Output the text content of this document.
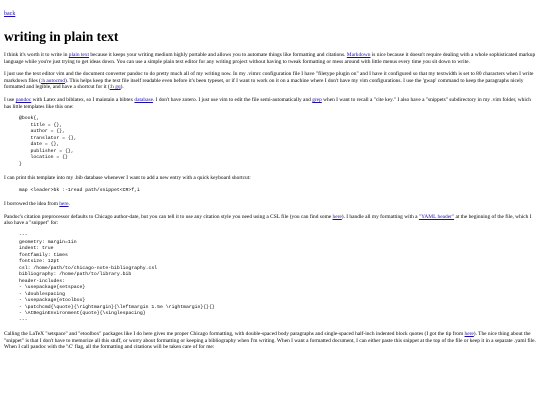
back
writing in plain text

I think it's worth it to write in plain text because it keeps your writing medium highly portable and allows you to automate things like formatting and citations. Markdown is nice because it doesn't require dealing with a whole sophisticated markup language while you're just trying to get ideas down. You can use a simple plain text editor for any writing project without having to tweak formatting or mess around with little menus every time you sit down to write.

I just use the text editor vim and the document converter pandoc to do pretty much all of my writing now. In my .vimrc configuration file I have "filetype plugin on" and I have it configured so that my textwidth is set to 80 characters when I write markdown files (:h autocmd). This helps keep the text file itself readable even before it's been typeset, or if I want to work on it on a machine where I don't have my vim configurations. I use the 'gwap' command to keep the paragraphs nicely formatted and legible, and have a shortcut for it (:h gq).

I use pandoc with Latex and biblatex, so I maintain a bibtex database. I don't have zotero. I just use vim to edit the file semi-automatically and grep when I want to recall a "cite key." I also have a "snippets" subdirectory in my .vim folder, which has little templates like this one:

@book{,
title = {},
author = {},
translator = {},
date = {},
publisher = {},
location = {}
}

I can print this template into my .bib database whenever I want to add a new entry with a quick keyboard shortcut:

map <leader>bk :-1read path/snippet<CR>f,i

I borrowed the idea from here.

Pandoc's citation preprocessor defaults to Chicago author-date, but you can tell it to use any citation style you need using a CSL file (you can find some here). I handle all my formatting with a "YAML header" at the beginning of the file, which I also have a "snippet" for:

---
geometry: margin=1in
indent: true
fontfamily: times
fontsize: 12pt
csl: /home/path/to/chicago-note-bibliography.csl
bibliography: /home/path/to/library.bib
header-includes:
- \usepackage{setspace}
- \doublespacing
- \usepackage{etoolbox}
- \patchcmd{\quote}{\rightmargin}{\leftmargin 1.5e \rightmargin}{}{}
- \AtBeginEnvironment{quote}{\singlespacing}
---

Calling the LaTeX "setspace" and "etoolbox" packages like I do here gives me proper Chicago formatting, with double-spaced body paragraphs and single-spaced half-inch indented block quotes (I got the tip from here). The nice thing about the "snippet" is that I don't have to memorize all this stuff, or worry about formatting or keeping a bibliography when I'm writing. When I want a formatted document, I can either paste this snippet at the top of the file or keep it in a separate .yaml file. When I call pandoc with the '\C' flag, all the formatting and citations will be taken care of for me:
